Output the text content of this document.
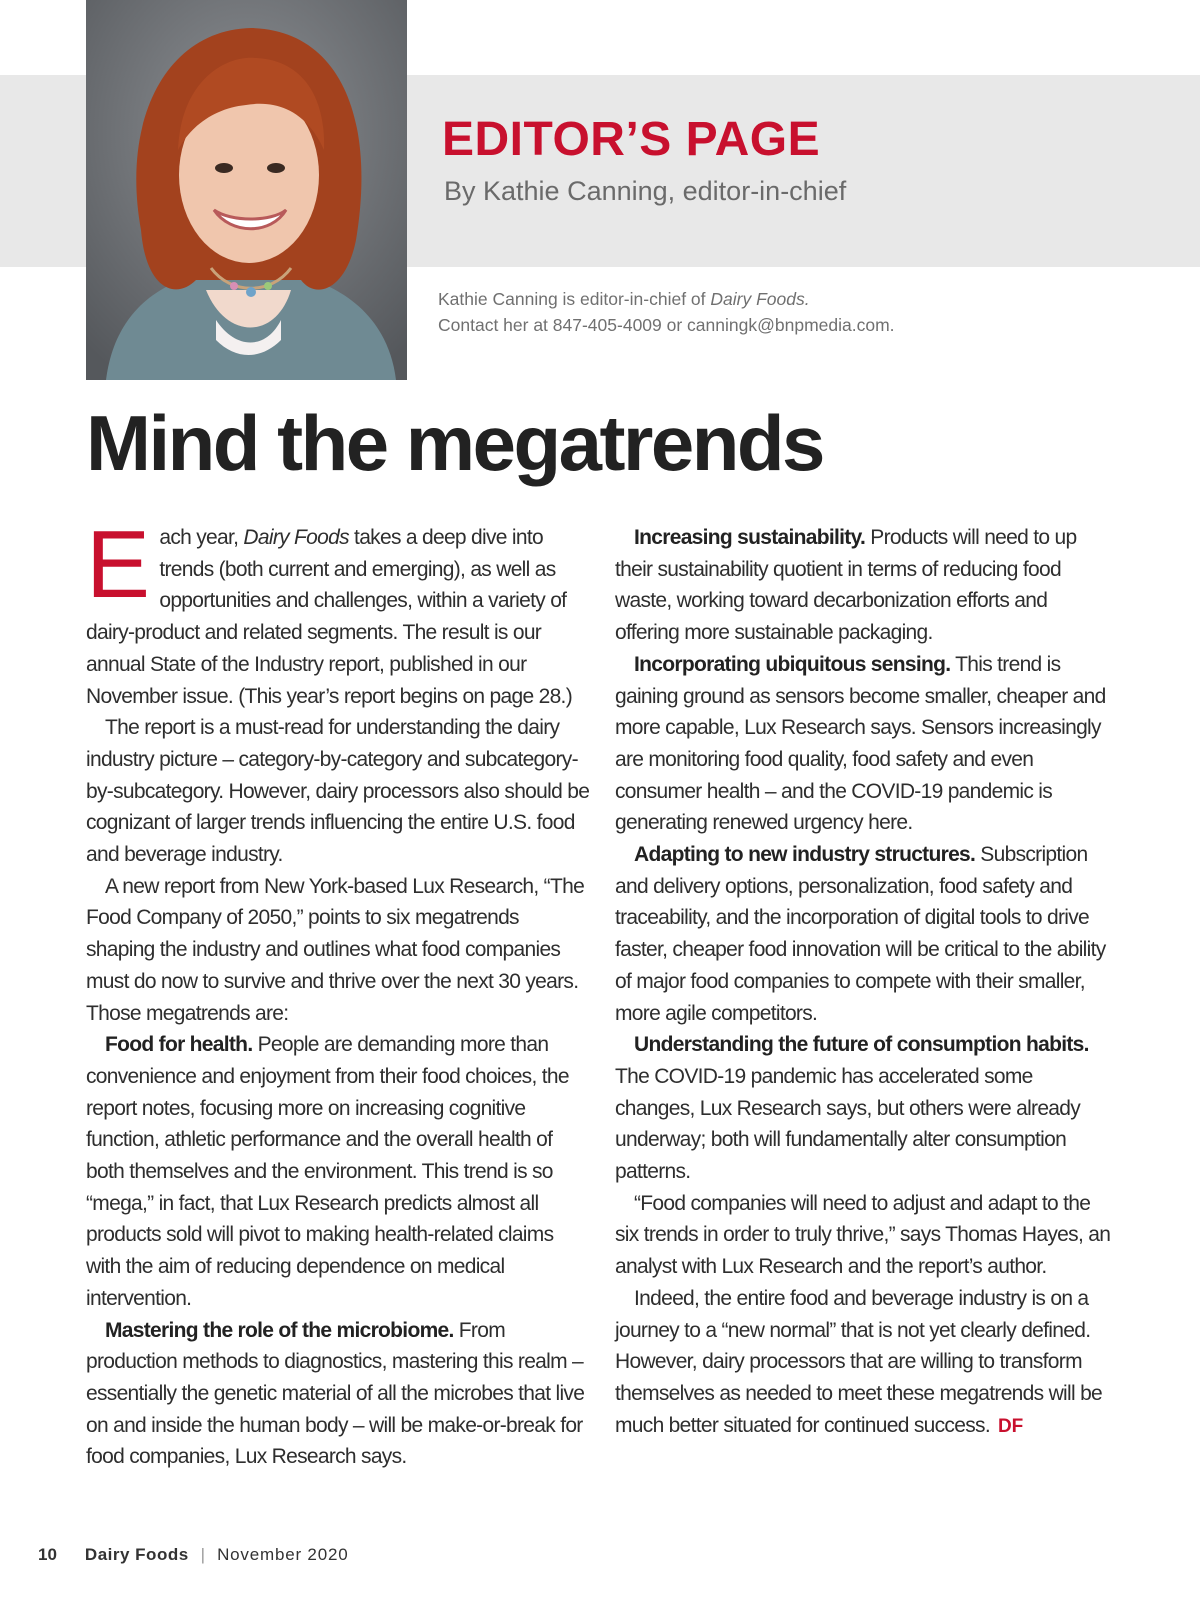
EDITOR’S PAGE
By Kathie Canning, editor-in-chief
Kathie Canning is editor-in-chief of Dairy Foods.
Contact her at 847-405-4009 or canningk@bnpmedia.com.
Mind the megatrends

Each year, Dairy Foods takes a deep dive into trends (both current and emerging), as well as opportunities and challenges, within a variety of dairy-product and related segments. The result is our annual State of the Industry report, published in our November issue. (This year’s report begins on page 28.)

The report is a must-read for understanding the dairy industry picture – category-by-category and subcategory-by-subcategory. However, dairy processors also should be cognizant of larger trends influencing the entire U.S. food and beverage industry.

A new report from New York-based Lux Research, “The Food Company of 2050,” points to six megatrends shaping the industry and outlines what food companies must do now to survive and thrive over the next 30 years. Those megatrends are:

Food for health. People are demanding more than convenience and enjoyment from their food choices, the report notes, focusing more on increasing cognitive function, athletic performance and the overall health of both themselves and the environment. This trend is so “mega,” in fact, that Lux Research predicts almost all products sold will pivot to making health-related claims with the aim of reducing dependence on medical intervention.

Mastering the role of the microbiome. From production methods to diagnostics, mastering this realm – essentially the genetic material of all the microbes that live on and inside the human body – will be make-or-break for food companies, Lux Research says.

Increasing sustainability. Products will need to up their sustainability quotient in terms of reducing food waste, working toward decarbonization efforts and offering more sustainable packaging.

Incorporating ubiquitous sensing. This trend is gaining ground as sensors become smaller, cheaper and more capable, Lux Research says. Sensors increasingly are monitoring food quality, food safety and even consumer health – and the COVID-19 pandemic is generating renewed urgency here.

Adapting to new industry structures. Subscription and delivery options, personalization, food safety and traceability, and the incorporation of digital tools to drive faster, cheaper food innovation will be critical to the ability of major food companies to compete with their smaller, more agile competitors.

Understanding the future of consumption habits. The COVID-19 pandemic has accelerated some changes, Lux Research says, but others were already underway; both will fundamentally alter consumption patterns.

“Food companies will need to adjust and adapt to the six trends in order to truly thrive,” says Thomas Hayes, an analyst with Lux Research and the report’s author.

Indeed, the entire food and beverage industry is on a journey to a “new normal” that is not yet clearly defined. However, dairy processors that are willing to transform themselves as needed to meet these megatrends will be much better situated for continued success. DF

10 Dairy Foods | November 2020
